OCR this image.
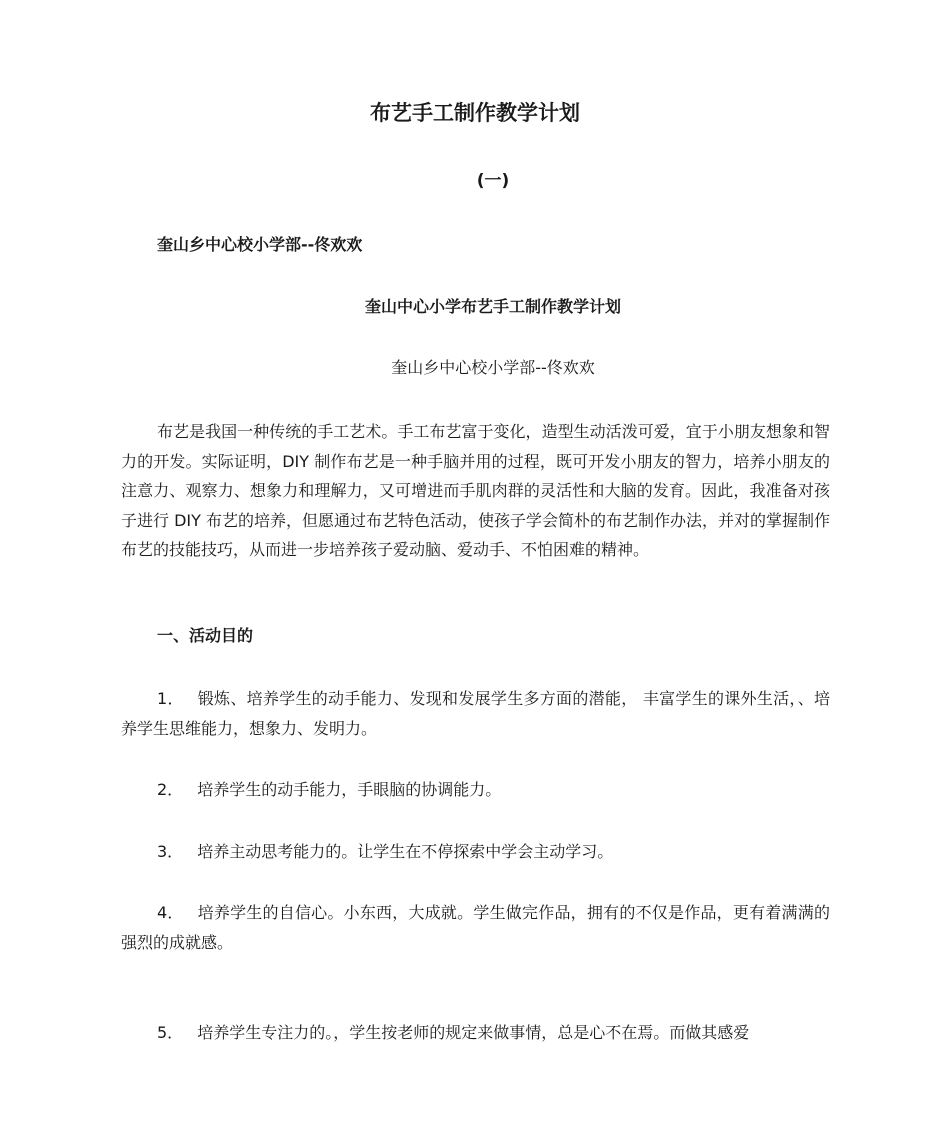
布艺手工制作教学计划
(一)
奎山乡中心校小学部--佟欢欢
奎山中心小学布艺手工制作教学计划
奎山乡中心校小学部--佟欢欢

布艺是我国一种传统的手工艺术。手工布艺富于变化，造型生动活泼可爱，宜于小朋友想象和智力的开发。实际证明，DIY 制作布艺是一种手脑并用的过程，既可开发小朋友的智力，培养小朋友的注意力、观察力、想象力和理解力，又可增进而手肌肉群的灵活性和大脑的发育。因此，我准备对孩子进行 DIY 布艺的培养，但愿通过布艺特色活动，使孩子学会简朴的布艺制作办法，并对的掌握制作布艺的技能技巧，从而进一步培养孩子爱动脑、爱动手、不怕困难的精神。

一、活动目的

1． 锻炼、培养学生的动手能力、发现和发展学生多方面的潜能， 丰富学生的课外生活，、培养学生思维能力，想象力、发明力。

2． 培养学生的动手能力，手眼脑的协调能力。

3． 培养主动思考能力的。让学生在不停探索中学会主动学习。

4． 培养学生的自信心。小东西，大成就。学生做完作品，拥有的不仅是作品，更有着满满的强烈的成就感。

5． 培养学生专注力的。，学生按老师的规定来做事情，总是心不在焉。而做其感爱
